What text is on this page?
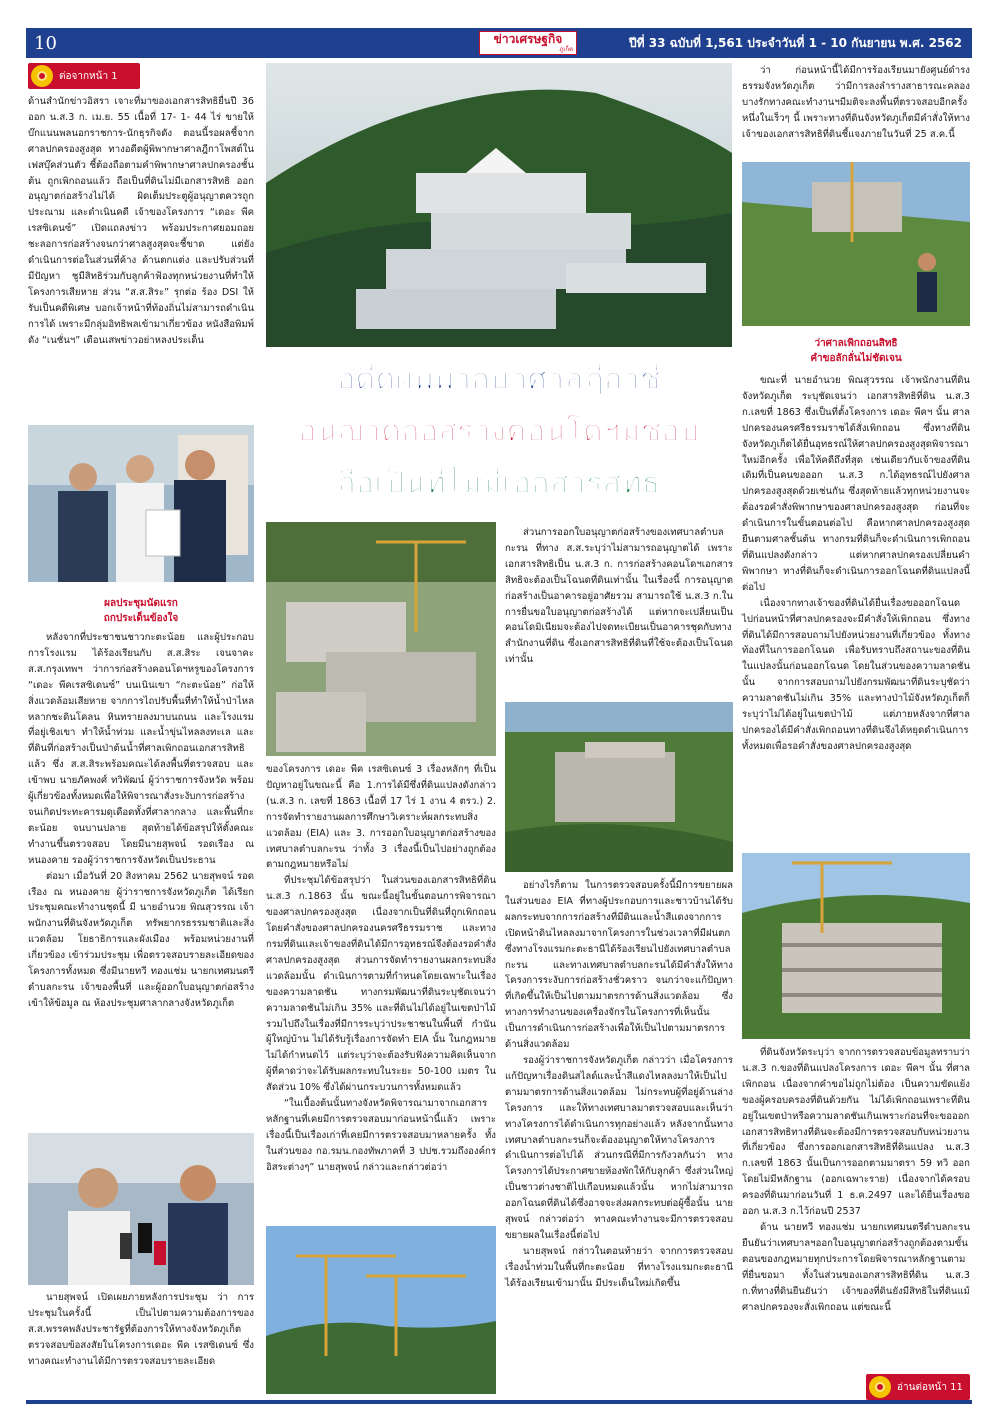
10	ข่าวเศรษฐกิจ
ภูเก็ต	ปีที่ 33 ฉบับที่ 1,561 ประจำวันที่ 1 - 10 กันยายน พ.ศ. 2562
ต่อจากหน้า 1

ด้านสำนักข่าวอิสรา เจาะที่มาของเอกสารสิทธิยื่นปี 36 ออก น.ส.3 ก. เม.ย. 55 เนื้อที่ 17- 1- 44 ไร่ ขายให้บ๊กแนนพลนอกราชการ-นักธุรกิจดัง ตอนนี้รอผลชี้จากศาลปกครองสูงสุด ทางอดีตผู้พิพากษาศาลฎีกาโพสต์ในเฟสบุ๊คส่วนตัว ชี้ต้องถือตามคำพิพากษาศาลปกครองชั้นต้น ถูกเพิกถอนแล้ว ถือเป็นที่ดินไม่มีเอกสารสิทธิ ออกอนุญาตก่อสร้างไม่ได้ ผิดเต็มประตูผู้อนุญาตควรถูกประณาม และดำเนินคดี เจ้าของโครงการ “เดอะ พีค เรสซิเดนซ์” เปิดแถลงข่าว พร้อมประกาศยอมถอย ชะลอการก่อสร้างจนกว่าศาลสูงสุดจะชี้ขาด แต่ยังดำเนินการต่อในส่วนที่ค้าง ด้านตกแต่ง และปรับส่วนที่มีปัญหา ชูมีสิทธิร่วมกับลูกค้าฟ้องทุกหน่วยงานที่ทำให้โครงการเสียหาย ส่วน “ส.ส.สิระ” รุกต่อ ร้อง DSI ให้รับเป็นคดีพิเศษ บอกเจ้าหน้าที่ท้องถิ่นไม่สามารถดำเนินการได้ เพราะมีกลุ่มอิทธิพลเข้ามาเกี่ยวข้อง หนังสือพิมพ์ดัง “เนชั่นฯ” เตือนเสพข่าวอย่าหลงประเด็น

ผลประชุมนัดแรก
ถกประเด็นข้องใจ

หลังจากที่ประชาชนชาวกะตะน้อย และผู้ประกอบการโรงแรม ได้ร้องเรียนกับ ส.ส.สิระ เจนจาคะ ส.ส.กรุงเทพฯ ว่าการก่อสร้างคอนโดฯหรูของโครงการ “เดอะ พีคเรสซิเดนซ์” บนเนินเขา “กะตะน้อย” ก่อให้สิ่งแวดล้อมเสียหาย จากการไถปรับพื้นที่ทำให้น้ำป่าไหลหลากชะดินโคลน หินทรายลงมาบนถนน และโรงแรม ที่อยู่เชิงเขา ทำให้น้ำท่วม และน้ำขุ่นไหลลงทะเล และที่ดินที่ก่อสร้างเป็นป่าต้นน้ำที่ศาลเพิกถอนเอกสารสิทธิแล้ว ซึ่ง ส.ส.สิระพร้อมคณะได้ลงพื้นที่ตรวจสอบ และเข้าพบ นายภัคพงศ์ ทวิพัฒน์ ผู้ว่าราชการจังหวัด พร้อมผู้เกี่ยวข้องทั้งหมดเพื่อให้พิจารณาสั่งระงับการก่อสร้าง จนเกิดประทะคารมดุเดือดทั้งที่ศาลากลาง และพื้นที่กะตะน้อย จนบานปลาย สุดท้ายได้ข้อสรุปให้ตั้งคณะทำงานขึ้นตรวจสอบ โดยมีนายสุพจน์ รอดเรือง ณ หนองคาย รองผู้ว่าราชการจังหวัดเป็นประธาน

ต่อมา เมื่อวันที่ 20 สิงหาคม 2562 นายสุพจน์ รอดเรือง ณ หนองคาย ผู้ว่าราชการจังหวัดภูเก็ต ได้เรียกประชุมคณะทำงานชุดนี้ มี นายอำนวย พิณสุวรรณ เจ้าพนักงานที่ดินจังหวัดภูเก็ต ทรัพยากรธรรมชาติและสิ่งแวดล้อม โยธาธิการและผังเมือง พร้อมหน่วยงานที่เกี่ยวข้อง เข้าร่วมประชุม เพื่อตรวจสอบรายละเอียดของโครงการทั้งหมด ซึ่งมีนายทวี ทองแช่ม นายกเทศมนตรีตำบลกะรน เจ้าของพื้นที่ และผู้ออกใบอนุญาตก่อสร้าง เข้าให้ข้อมูล ณ ห้องประชุมศาลากลางจังหวัดภูเก็ต

นายสุพจน์ เปิดเผยภายหลังการประชุม ว่า การประชุมในครั้งนี้ เป็นไปตามความต้องการของ ส.ส.พรรคพลังประชารัฐที่ต้องการให้ทางจังหวัดภูเก็ตตรวจสอบข้อสงสัยในโครงการเดอะ พีค เรสซิเดนซ์ ซึ่งทางคณะทำงานได้มีการตรวจสอบรายละเอียด

อดีตผู้พิพากษาศาลฎีกาชี้
อนุญาตก่อสร้างคอนโดฯมิชอบ
ถือเป็นที่ไม่มีเอกสารสิทธิ

ของโครงการ เดอะ พีค เรสซิเดนซ์ 3 เรื่องหลักๆ ที่เป็นปัญหาอยู่ในขณะนี้ คือ 1.การได้มีซึ่งที่ดินแปลงดังกล่าว (น.ส.3 ก. เลขที่ 1863 เนื้อที่ 17 ไร่ 1 งาน 4 ตรว.) 2. การจัดทำรายงานผลการศึกษาวิเคราะห์ผลกระทบสิ่งแวดล้อม (EIA) และ 3. การออกใบอนุญาตก่อสร้างของเทศบาลตำบลกะรน ว่าทั้ง 3 เรื่องนี้เป็นไปอย่างถูกต้องตามกฎหมายหรือไม่

ที่ประชุมได้ข้อสรุปว่า ในส่วนของเอกสารสิทธิที่ดิน น.ส.3 ก.1863 นั้น ขณะนี้อยู่ในขั้นตอนการพิจารณาของศาลปกครองสูงสุด เนื่องจากเป็นที่ดินที่ถูกเพิกถอนโดยคำสั่งของศาลปกครองนครศรีธรรมราช และทางกรมที่ดินและเจ้าของที่ดินได้มีการอุทธรณ์จึงต้องรอคำสั่งศาลปกครองสูงสุด ส่วนการจัดทำรายงานผลกระทบสิ่งแวดล้อมนั้น ดำเนินการตามที่กำหนดโดยเฉพาะในเรื่องของความลาดชัน ทางกรมพัฒนาที่ดินระบุชัดเจนว่า ความลาดชันไม่เกิน 35% และที่ดินไม่ได้อยู่ในเขตป่าไม้ รวมไปถึงในเรื่องที่มีการระบุว่าประชาชนในพื้นที่ กำนัน ผู้ใหญ่บ้าน ไม่ได้รับรู้เรื่องการจัดทำ EIA นั้น ในกฎหมายไม่ได้กำหนดไว้ แต่ระบุว่าจะต้องรับฟังความคิดเห็นจากผู้ที่คาดว่าจะได้รับผลกระทบในระยะ 50-100 เมตร ในสัดส่วน 10% ซึ่งได้ผ่านกระบวนการทั้งหมดแล้ว

“ในเบื้องต้นนั้นทางจังหวัดพิจารณามาจากเอกสารหลักฐานที่เคยมีการตรวจสอบมาก่อนหน้านี้แล้ว เพราะเรื่องนี้เป็นเรื่องเก่าที่เคยมีการตรวจสอบมาหลายครั้ง ทั้งในส่วนของ กอ.รมน.กองทัพภาคที่ 3 ปปช.รวมถึงองค์กรอิสระต่างๆ” นายสุพจน์ กล่าวและกล่าวต่อว่า

ส่วนการออกใบอนุญาตก่อสร้างของเทศบาลตำบลกะรน ที่ทาง ส.ส.ระบุว่าไม่สามารถอนุญาตได้ เพราะเอกสารสิทธิเป็น น.ส.3 ก. การก่อสร้างคอนโดฯเอกสารสิทธิจะต้องเป็นโฉนดที่ดินเท่านั้น ในเรื่องนี้ การอนุญาตก่อสร้างเป็นอาคารอยู่อาศัยรวม สามารถใช้ น.ส.3 ก.ในการยื่นขอใบอนุญาตก่อสร้างได้ แต่หากจะเปลี่ยนเป็นคอนโดมิเนียมจะต้องไปจดทะเบียนเป็นอาคารชุดกับทางสำนักงานที่ดิน ซึ่งเอกสารสิทธิที่ดินที่ใช้จะต้องเป็นโฉนดเท่านั้น

อย่างไรก็ตาม ในการตรวจสอบครั้งนี้มีการขยายผลในส่วนของ EIA ที่ทางผู้ประกอบการและชาวบ้านได้รับผลกระทบจากการก่อสร้างที่มีดินและน้ำสีแดงจากการเปิดหน้าดินไหลลงมาจากโครงการในช่วงเวลาที่มีฝนตก ซึ่งทางโรงแรมกะตะธานีได้ร้องเรียนไปยังเทศบาลตำบลกะรน และทางเทศบาลตำบลกะรนได้มีคำสั่งให้ทางโครงการระงับการก่อสร้างชั่วคราว จนกว่าจะแก้ปัญหาที่เกิดขึ้นให้เป็นไปตามมาตรการด้านสิ่งแวดล้อม ซึ่งทางการทำงานของเครื่องจักรในโครงการที่เห็นนั้น เป็นการดำเนินการก่อสร้างเพื่อให้เป็นไปตามมาตรการด้านสิ่งแวดล้อม

รองผู้ว่าราชการจังหวัดภูเก็ต กล่าวว่า เมื่อโครงการแก้ปัญหาเรื่องดินสไลด์และน้ำสีแดงไหลลงมาให้เป็นไปตามมาตรการด้านสิ่งแวดล้อม ไม่กระทบผู้ที่อยู่ด้านล่างโครงการ และให้ทางเทศบาลมาตรวจสอบและเห็นว่าทางโครงการได้ดำเนินการทุกอย่างแล้ว หลังจากนั้นทางเทศบาลตำบลกะรนก็จะต้องอนุญาตให้ทางโครงการดำเนินการต่อไปได้ ส่วนกรณีที่มีการกังวลกันว่า ทางโครงการได้ประกาศขายห้องพักให้กับลูกค้า ซึ่งส่วนใหญ่เป็นชาวต่างชาติไปเกือบหมดแล้วนั้น หากไม่สามารถออกโฉนดที่ดินได้ซึ่งอาจจะส่งผลกระทบต่อผู้ซื้อนั้น นายสุพจน์ กล่าวต่อว่า ทางคณะทำงานจะมีการตรวจสอบขยายผลในเรื่องนี้ต่อไป

นายสุพจน์ กล่าวในตอนท้ายว่า จากการตรวจสอบเรื่องน้ำท่วมในพื้นที่กะตะน้อย ที่ทางโรงแรมกะตะธานีได้ร้องเรียนเข้ามานั้น มีประเด็นใหม่เกิดขึ้น

ว่า ก่อนหน้านี้ได้มีการร้องเรียนมายังศูนย์ดำรงธรรมจังหวัดภูเก็ต ว่ามีการลงลำรางสาธารณะคลองบางรักทางคณะทำงานฯมีมติจะลงพื้นที่ตรวจสอบอีกครั้งหนึ่งในเร็วๆ นี้ เพราะทางที่ดินจังหวัดภูเก็ตมีคำสั่งให้ทางเจ้าของเอกสารสิทธิที่ดินชี้แจงภายในวันที่ 25 ส.ค.นี้

ว่าศาลเพิกถอนสิทธิ
คำขอลักลั่นไม่ชัดเจน

ขณะที่ นายอำนวย พิณสุวรรณ เจ้าพนักงานที่ดินจังหวัดภูเก็ต ระบุชัดเจนว่า เอกสารสิทธิที่ดิน น.ส.3 ก.เลขที่ 1863 ซึ่งเป็นที่ตั้งโครงการ เดอะ พีคฯ นั้น ศาลปกครองนครศรีธรรมราชได้สั่งเพิกถอน ซึ่งทางที่ดินจังหวัดภูเก็ตได้ยื่นอุทธรณ์ให้ศาลปกครองสูงสุดพิจารณาใหม่อีกครั้ง เพื่อให้คดีถึงที่สุด เช่นเดียวกับเจ้าของที่ดินเดิมที่เป็นคนขอออก น.ส.3 ก.ได้อุทธรณ์ไปยังศาลปกครองสูงสุดด้วยเช่นกัน ซึ่งสุดท้ายแล้วทุกหน่วยงานจะต้องรอคำสั่งพิพากษาของศาลปกครองสูงสุด ก่อนที่จะดำเนินการในขั้นตอนต่อไป คือหากศาลปกครองสูงสุดยืนตามศาลชั้นต้น ทางกรมที่ดินก็จะดำเนินการเพิกถอนที่ดินแปลงดังกล่าว แต่หากศาลปกครองเปลี่ยนคำพิพากษา ทางที่ดินก็จะดำเนินการออกโฉนดที่ดินแปลงนี้ต่อไป

เนื่องจากทางเจ้าของที่ดินได้ยื่นเรื่องขอออกโฉนดไปก่อนหน้าที่ศาลปกครองจะมีคำสั่งให้เพิกถอน ซึ่งทางที่ดินได้มีการสอบถามไปยังหน่วยงานที่เกี่ยวข้อง ทั้งทางท้องที่ในการออกโฉนด เพื่อรับทราบถึงสถานะของที่ดินในแปลงนั้นก่อนออกโฉนด โดยในส่วนของความลาดชันนั้น จากการสอบถามไปยังกรมพัฒนาที่ดินระบุชัดว่าความลาดชันไม่เกิน 35% และทางป่าไม้จังหวัดภูเก็ตก็ระบุว่าไม่ได้อยู่ในเขตป่าไม้ แต่ภายหลังจากที่ศาลปกครองได้มีคำสั่งเพิกถอนทางที่ดินจึงได้หยุดดำเนินการทั้งหมดเพื่อรอคำสั่งของศาลปกครองสูงสุด

ที่ดินจังหวัดระบุว่า จากการตรวจสอบข้อมูลทราบว่า น.ส.3 ก.ของที่ดินแปลงโครงการ เดอะ พีคฯ นั้น ที่ศาลเพิกถอน เนื่องจากคำขอไม่ถูกไม่ต้อง เป็นความขัดแย้งของผู้ครอบครองที่ดินด้วยกัน ไม่ได้เพิกถอนเพราะที่ดินอยู่ในเขตป่าหรือความลาดชันเกินเพราะก่อนที่จะขอออกเอกสารสิทธิทางที่ดินจะต้องมีการตรวจสอบกับหน่วยงานที่เกี่ยวข้อง ซึ่งการออกเอกสารสิทธิที่ดินแปลง น.ส.3 ก.เลขที่ 1863 นั้นเป็นการออกตามมาตรา 59 ทวิ ออกโดยไม่มีหลักฐาน (ออกเฉพาะราย) เนื่องจากได้ครอบครองที่ดินมาก่อนวันที่ 1 ธ.ค.2497 และได้ยื่นเรื่องขอออก น.ส.3 ก.ไว้ก่อนปี 2537

ด้าน นายทวี ทองแช่ม นายกเทศมนตรีตำบลกะรน ยืนยันว่าเทศบาลฯออกใบอนุญาตก่อสร้างถูกต้องตามขั้นตอนของกฎหมายทุกประการโดยพิจารณาหลักฐานตามที่ยื่นขอมา ทั้งในส่วนของเอกสารสิทธิที่ดิน น.ส.3 ก.ที่ทางที่ดินยืนยันว่า เจ้าของที่ดินยังมีสิทธิในที่ดินแม้ศาลปกครองจะสั่งเพิกถอน แต่ขณะนี้

อ่านต่อหน้า 11
